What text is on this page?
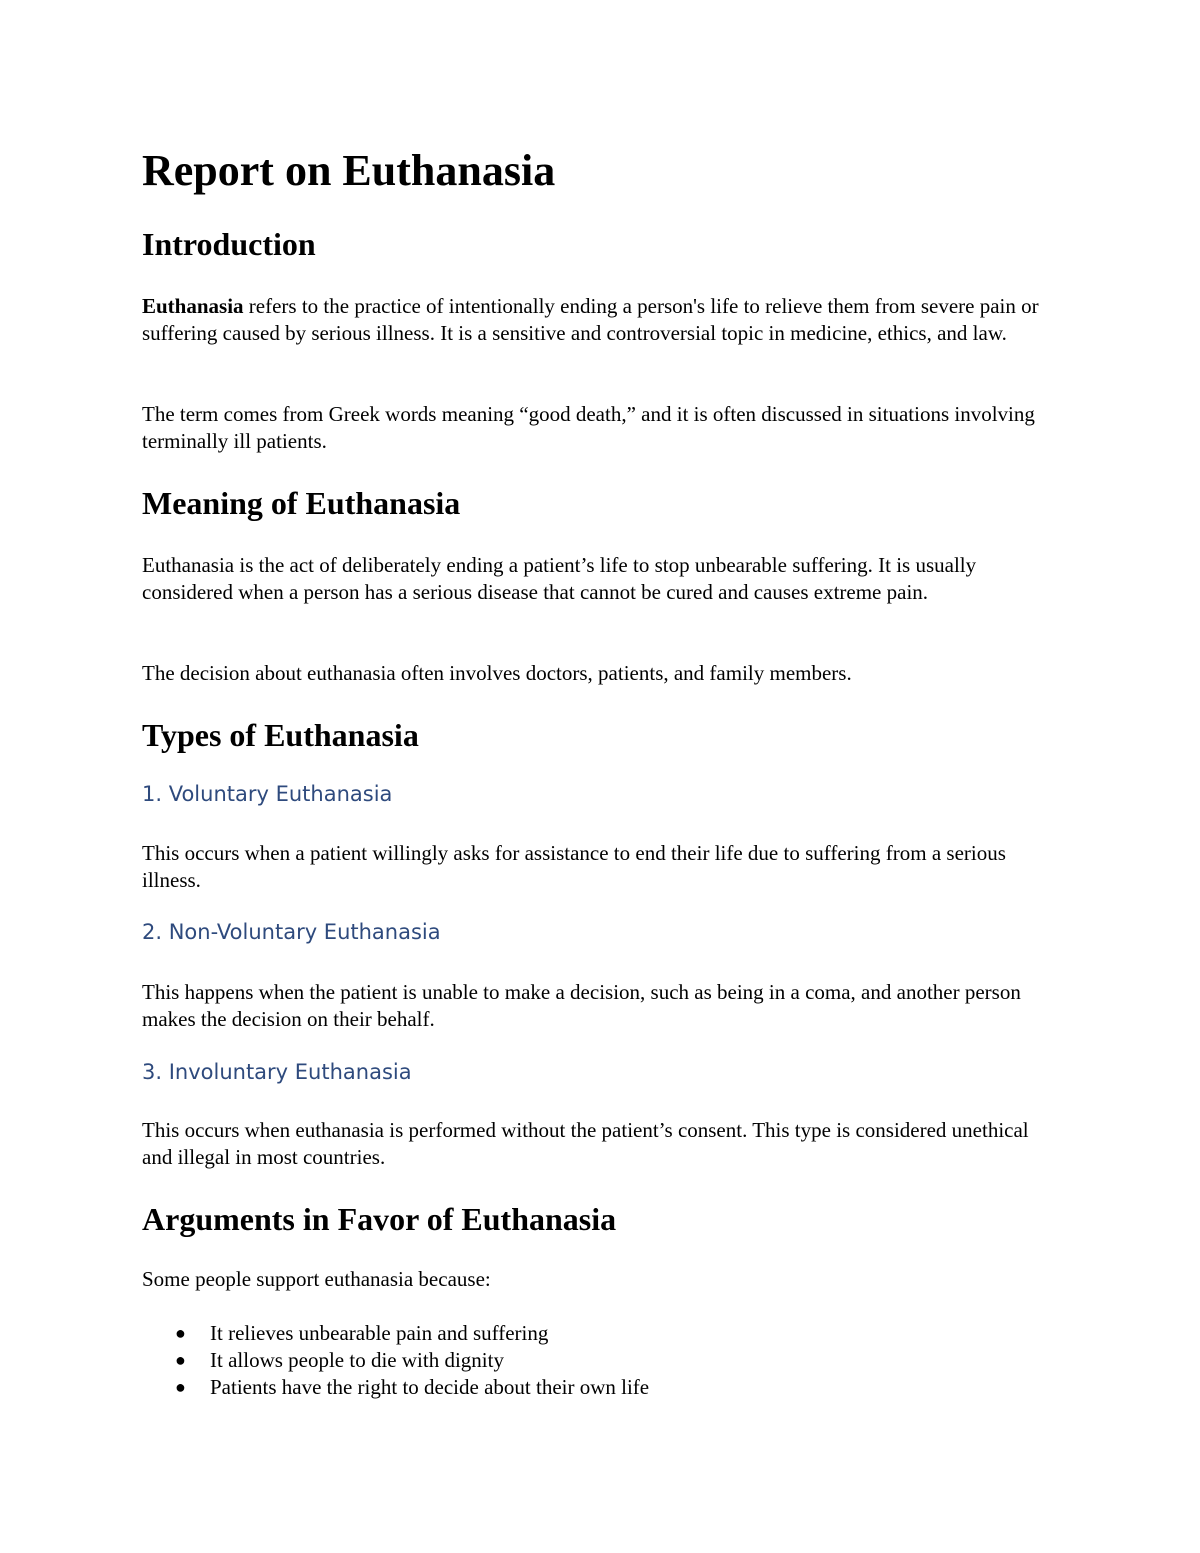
Report on Euthanasia
Introduction

Euthanasia refers to the practice of intentionally ending a person's life to relieve them from severe pain or suffering caused by serious illness. It is a sensitive and controversial topic in medicine, ethics, and law.

The term comes from Greek words meaning “good death,” and it is often discussed in situations involving terminally ill patients.

Meaning of Euthanasia

Euthanasia is the act of deliberately ending a patient’s life to stop unbearable suffering. It is usually considered when a person has a serious disease that cannot be cured and causes extreme pain.

The decision about euthanasia often involves doctors, patients, and family members.

Types of Euthanasia
1. Voluntary Euthanasia

This occurs when a patient willingly asks for assistance to end their life due to suffering from a serious illness.

2. Non-Voluntary Euthanasia

This happens when the patient is unable to make a decision, such as being in a coma, and another person makes the decision on their behalf.

3. Involuntary Euthanasia

This occurs when euthanasia is performed without the patient’s consent. This type is considered unethical and illegal in most countries.

Arguments in Favor of Euthanasia

Some people support euthanasia because:

● It relieves unbearable pain and suffering
● It allows people to die with dignity
● Patients have the right to decide about their own life
